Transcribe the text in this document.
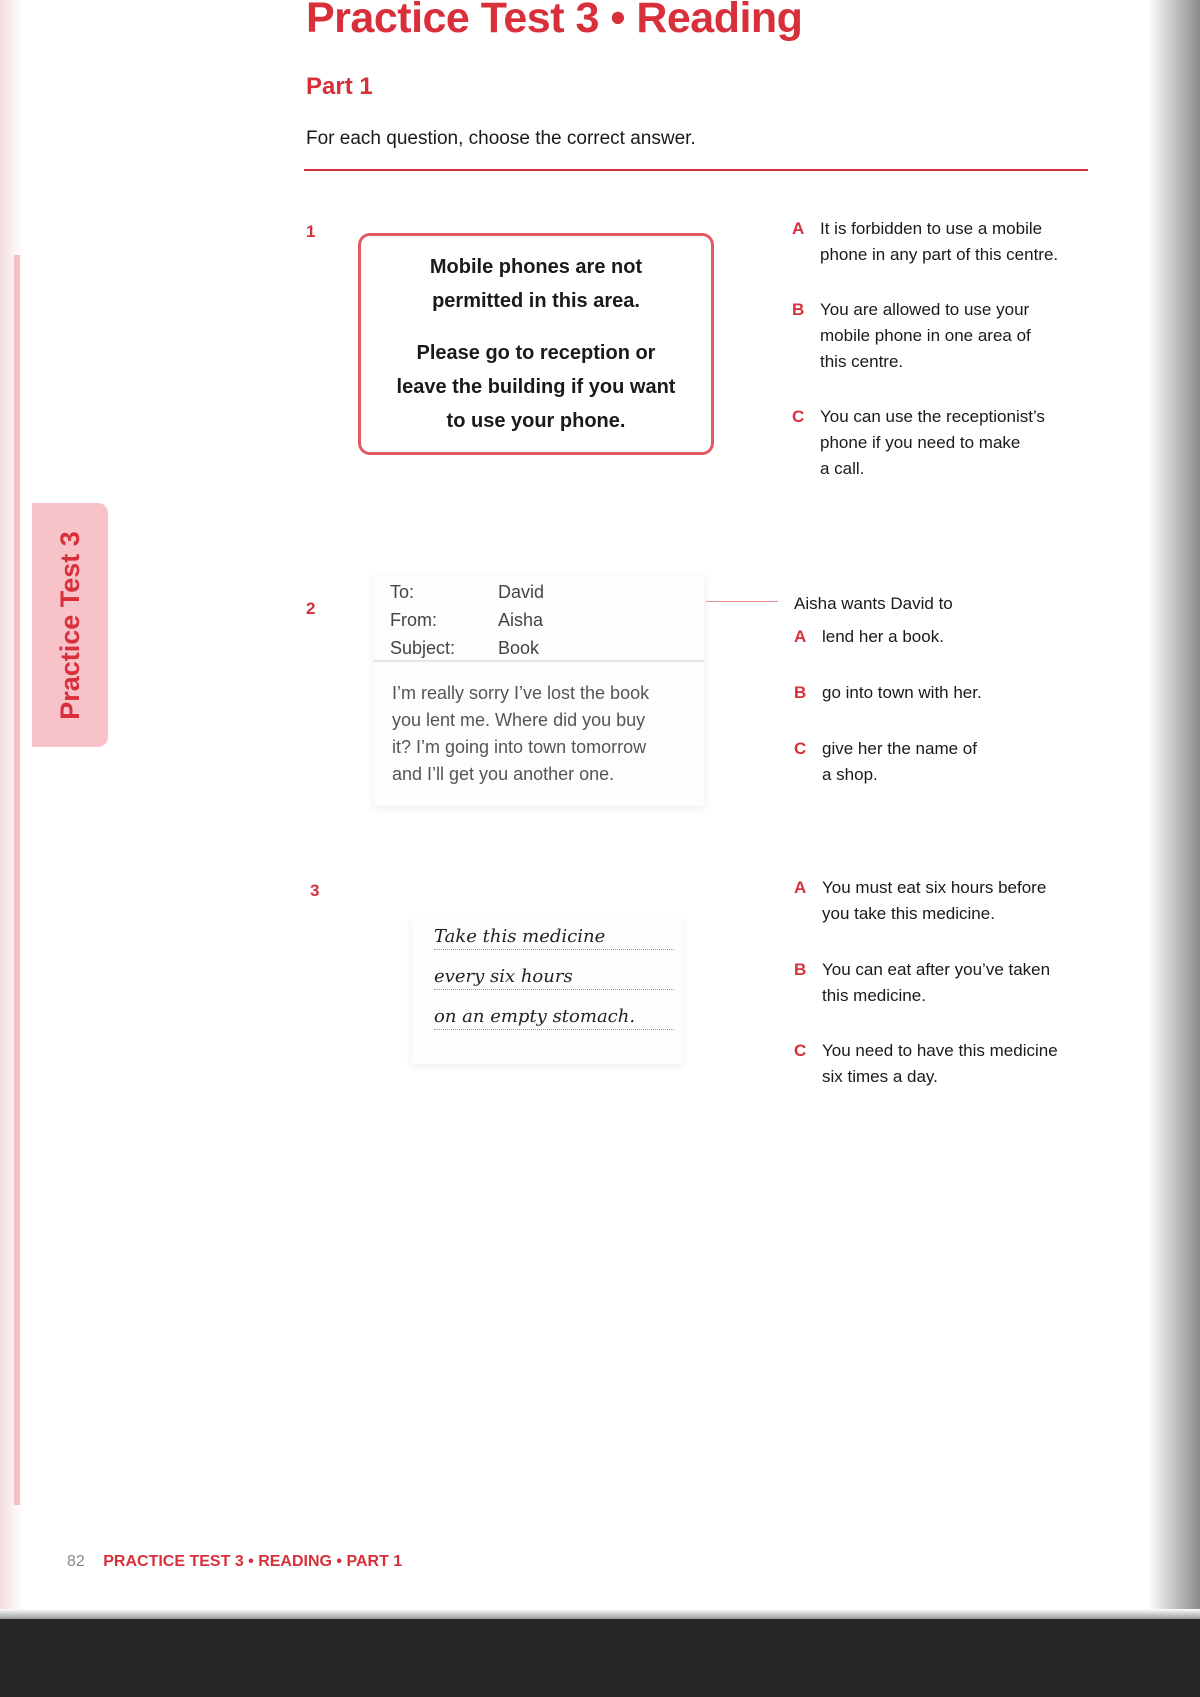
Practice Test 3
Practice Test 3 • Reading
Part 1
For each question, choose the correct answer.
1

Mobile phones are not
permitted in this area.

Please go to reception or
leave the building if you want
to use your phone.

A It is forbidden to use a mobile
phone in any part of this centre.
B You are allowed to use your
mobile phone in one area of
this centre.
C You can use the receptionist’s
phone if you need to make
a call.
2
To:	David
From:	Aisha
Subject:	Book
I’m really sorry I’ve lost the book
you lent me. Where did you buy
it? I’m going into town tomorrow
and I’ll get you another one.
Aisha wants David to
A lend her a book.
B go into town with her.
C give her the name of
a shop.
3
Take this medicine
every six hours
on an empty stomach.
A You must eat six hours before
you take this medicine.
B You can eat after you’ve taken
this medicine.
C You need to have this medicine
six times a day.
82 PRACTICE TEST 3 • READING • PART 1
